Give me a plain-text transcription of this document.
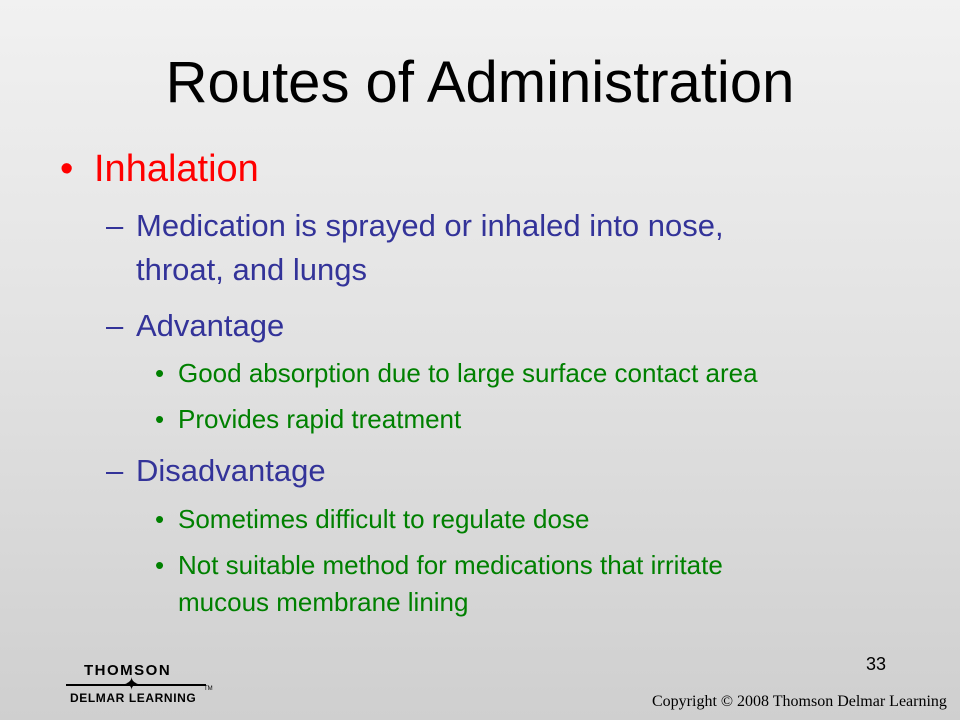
Routes of Administration
• Inhalation
– Medication is sprayed or inhaled into nose,
throat, and lungs
– Advantage
• Good absorption due to large surface contact area
• Provides rapid treatment
– Disadvantage
• Sometimes difficult to regulate dose
• Not suitable method for medications that irritate
mucous membrane lining
33
THOMSON
✦	TM
DELMAR LEARNING	Copyright © 2008 Thomson Delmar Learning
